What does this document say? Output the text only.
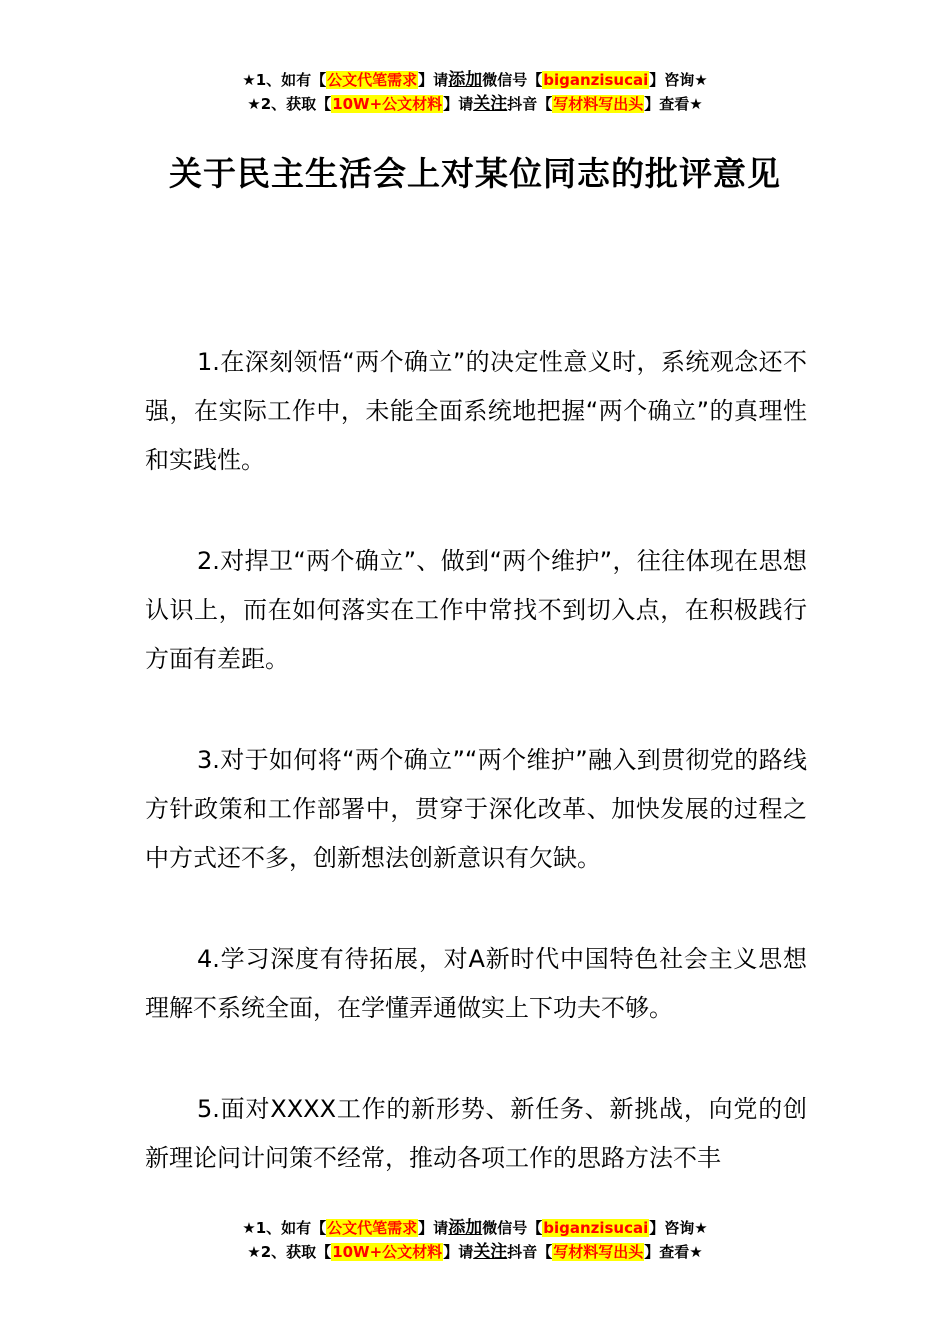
★1、如有【公文代笔需求】请添加微信号【biganzisucai】咨询★
★2、获取【10W+公文材料】请关注抖音【写材料写出头】查看★
关于民主生活会上对某位同志的批评意见

1.在深刻领悟“两个确立”的决定性意义时，系统观念还不强，在实际工作中，未能全面系统地把握“两个确立”的真理性和实践性。

2.对捍卫“两个确立”、做到“两个维护”，往往体现在思想认识上，而在如何落实在工作中常找不到切入点，在积极践行方面有差距。

3.对于如何将“两个确立”“两个维护”融入到贯彻党的路线方针政策和工作部署中，贯穿于深化改革、加快发展的过程之中方式还不多，创新想法创新意识有欠缺。

4.学习深度有待拓展，对A新时代中国特色社会主义思想理解不系统全面，在学懂弄通做实上下功夫不够。

5.面对XXXX工作的新形势、新任务、新挑战，向党的创新理论问计问策不经常，推动各项工作的思路方法不丰

★1、如有【公文代笔需求】请添加微信号【biganzisucai】咨询★
★2、获取【10W+公文材料】请关注抖音【写材料写出头】查看★
